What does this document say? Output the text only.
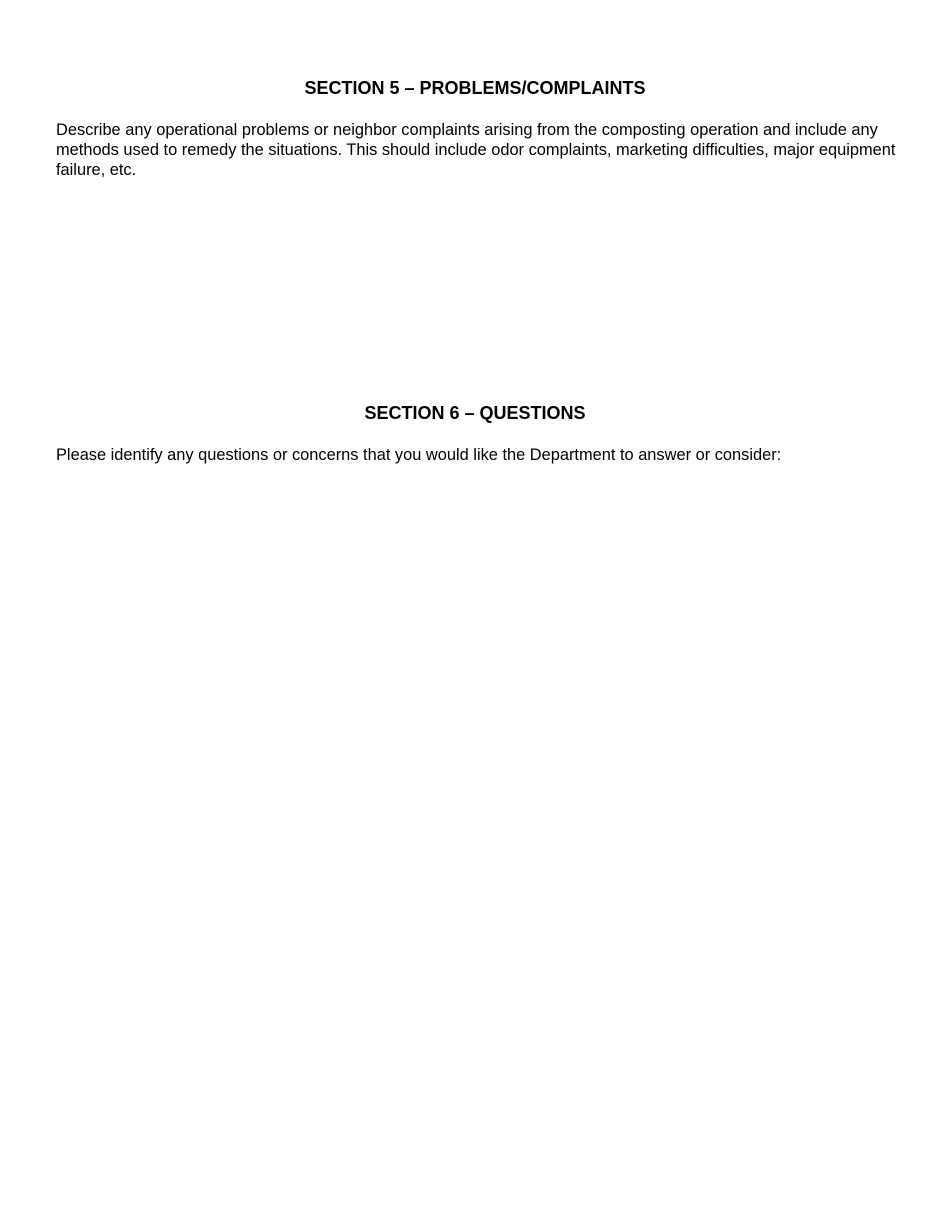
SECTION 5 – PROBLEMS/COMPLAINTS

Describe any operational problems or neighbor complaints arising from the composting operation and include any methods used to remedy the situations. This should include odor complaints, marketing difficulties, major equipment failure, etc.

SECTION 6 – QUESTIONS

Please identify any questions or concerns that you would like the Department to answer or consider:
